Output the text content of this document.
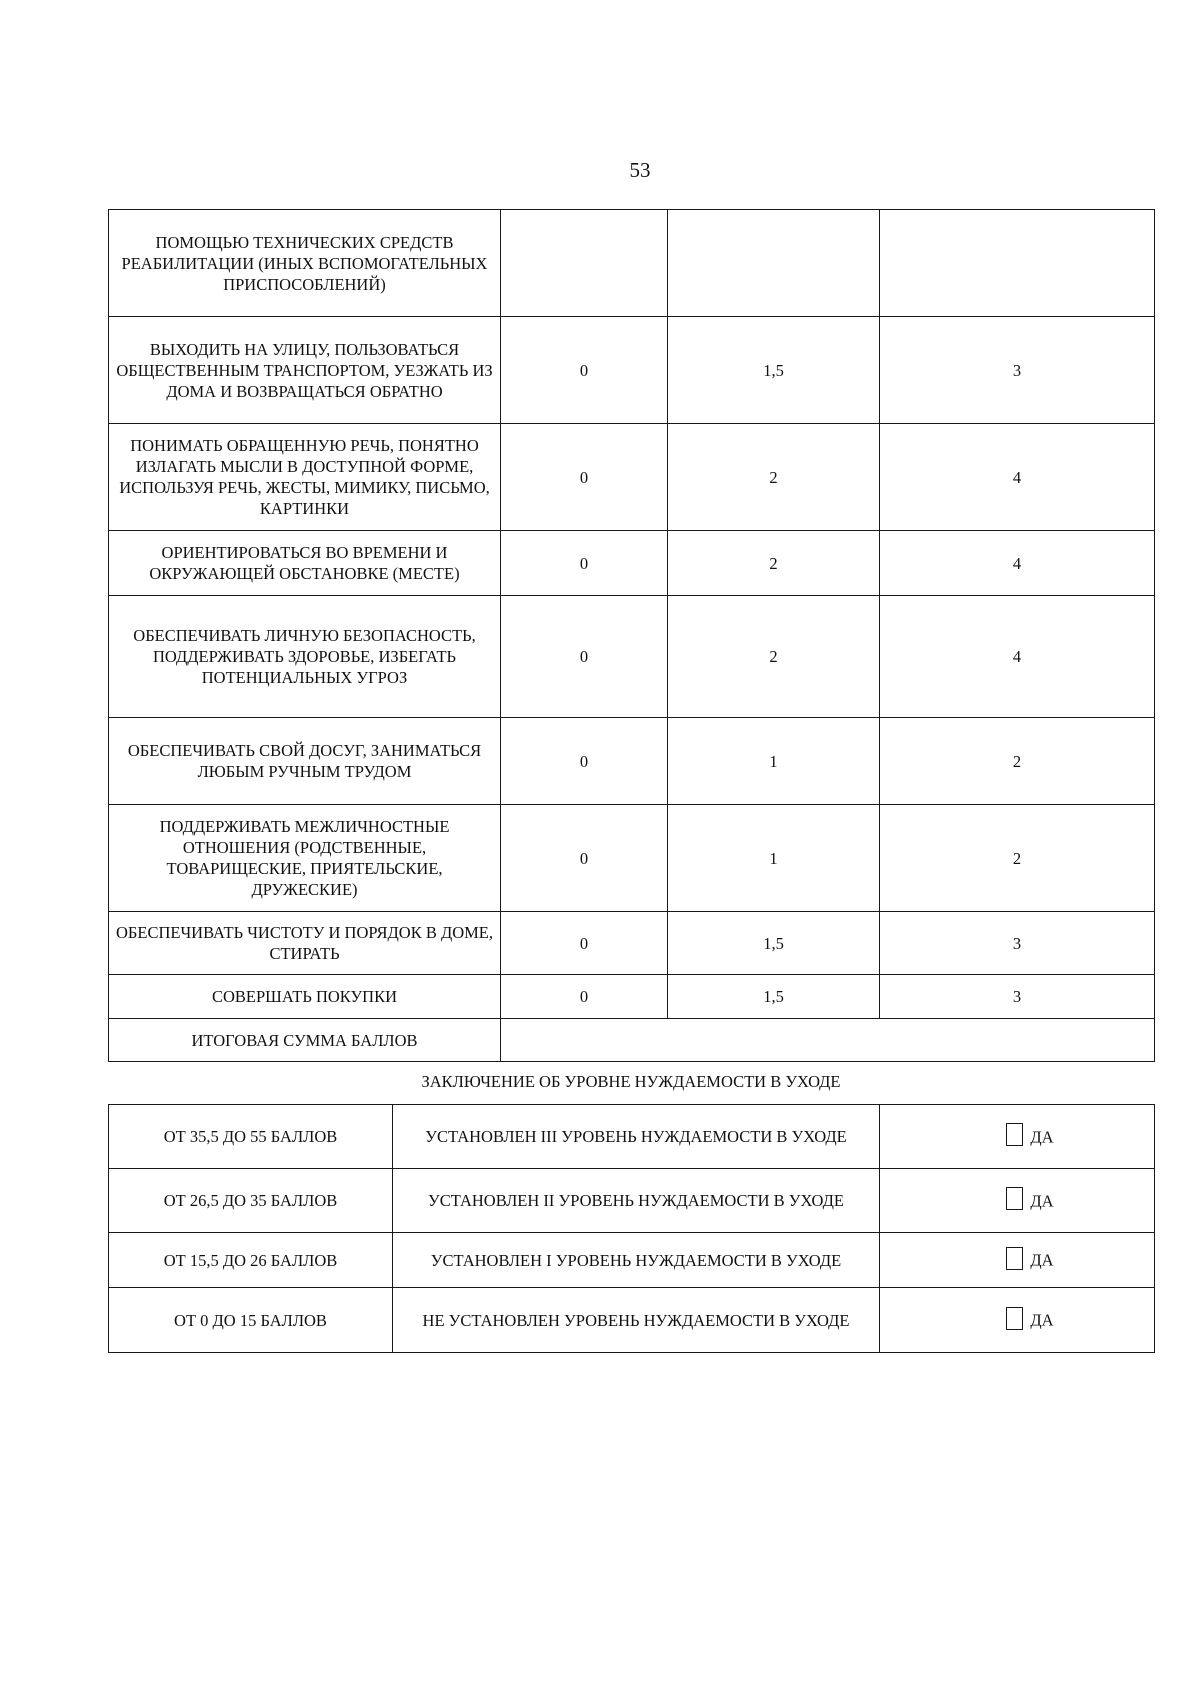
53
ПОМОЩЬЮ ТЕХНИЧЕСКИХ СРЕДСТВ РЕАБИЛИТАЦИИ (ИНЫХ ВСПОМОГАТЕЛЬНЫХ ПРИСПОСОБЛЕНИЙ)			
ВЫХОДИТЬ НА УЛИЦУ, ПОЛЬЗОВАТЬСЯ ОБЩЕСТВЕННЫМ ТРАНСПОРТОМ, УЕЗЖАТЬ ИЗ ДОМА И ВОЗВРАЩАТЬСЯ ОБРАТНО	0	1,5	3
ПОНИМАТЬ ОБРАЩЕННУЮ РЕЧЬ, ПОНЯТНО ИЗЛАГАТЬ МЫСЛИ В ДОСТУПНОЙ ФОРМЕ, ИСПОЛЬЗУЯ РЕЧЬ, ЖЕСТЫ, МИМИКУ, ПИСЬМО, КАРТИНКИ	0	2	4
ОРИЕНТИРОВАТЬСЯ ВО ВРЕМЕНИ И ОКРУЖАЮЩЕЙ ОБСТАНОВКЕ (МЕСТЕ)	0	2	4
ОБЕСПЕЧИВАТЬ ЛИЧНУЮ БЕЗОПАСНОСТЬ, ПОДДЕРЖИВАТЬ ЗДОРОВЬЕ, ИЗБЕГАТЬ ПОТЕНЦИАЛЬНЫХ УГРОЗ	0	2	4
ОБЕСПЕЧИВАТЬ СВОЙ ДОСУГ, ЗАНИМАТЬСЯ ЛЮБЫМ РУЧНЫМ ТРУДОМ	0	1	2
ПОДДЕРЖИВАТЬ МЕЖЛИЧНОСТНЫЕ ОТНОШЕНИЯ (РОДСТВЕННЫЕ, ТОВАРИЩЕСКИЕ, ПРИЯТЕЛЬСКИЕ, ДРУЖЕСКИЕ)	0	1	2
ОБЕСПЕЧИВАТЬ ЧИСТОТУ И ПОРЯДОК В ДОМЕ, СТИРАТЬ	0	1,5	3
СОВЕРШАТЬ ПОКУПКИ	0	1,5	3
ИТОГОВАЯ СУММА БАЛЛОВ			
ЗАКЛЮЧЕНИЕ ОБ УРОВНЕ НУЖДАЕМОСТИ В УХОДЕ
ОТ 35,5 ДО 55 БАЛЛОВ	УСТАНОВЛЕН III УРОВЕНЬ НУЖДАЕМОСТИ В УХОДЕ	ДА
ОТ 26,5 ДО 35 БАЛЛОВ	УСТАНОВЛЕН II УРОВЕНЬ НУЖДАЕМОСТИ В УХОДЕ	ДА
ОТ 15,5 ДО 26 БАЛЛОВ	УСТАНОВЛЕН I УРОВЕНЬ НУЖДАЕМОСТИ В УХОДЕ	ДА
ОТ 0 ДО 15 БАЛЛОВ	НЕ УСТАНОВЛЕН УРОВЕНЬ НУЖДАЕМОСТИ В УХОДЕ	ДА
